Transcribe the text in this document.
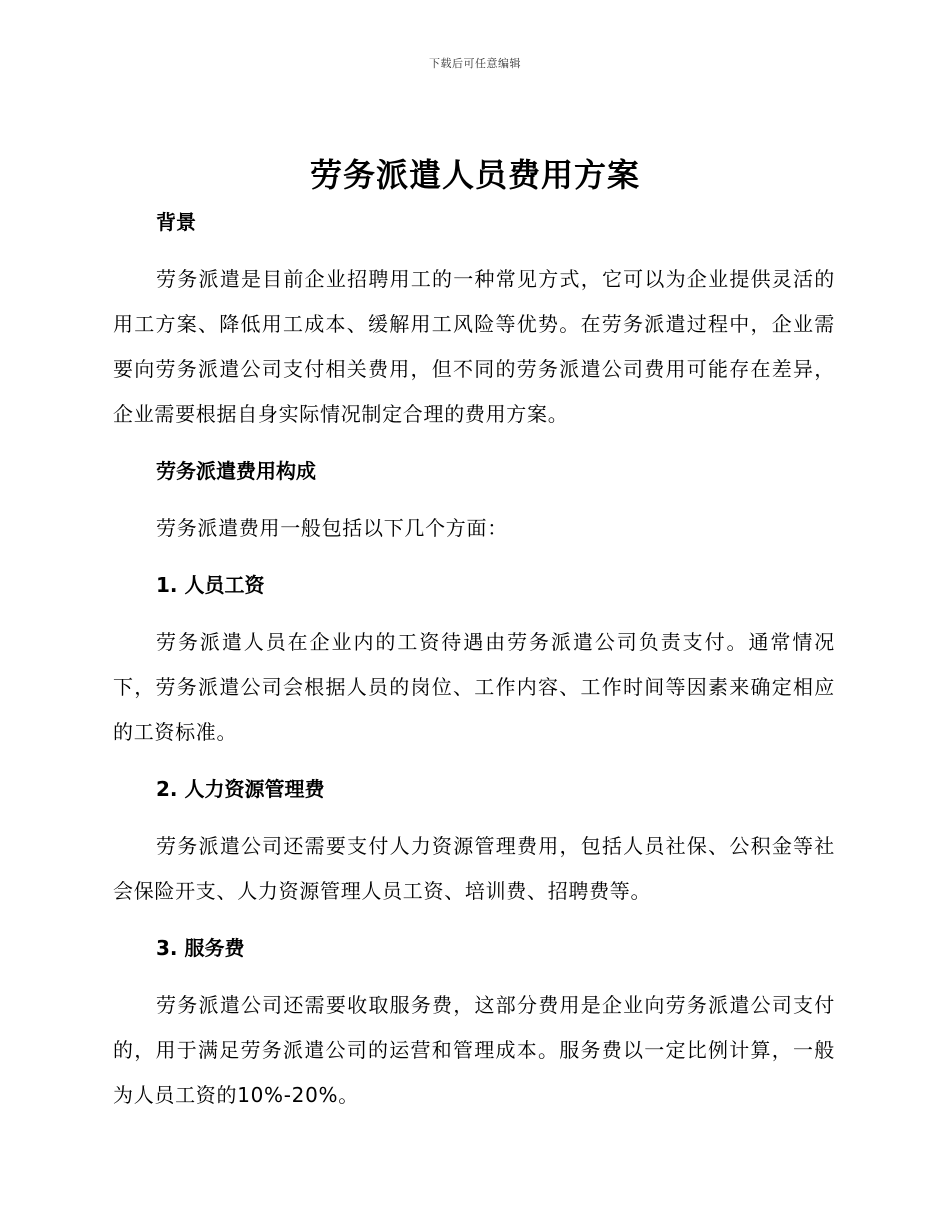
下载后可任意编辑
劳务派遣人员费用方案

背景

劳务派遣是目前企业招聘用工的一种常见方式，它可以为企业提供灵活的用工方案、降低用工成本、缓解用工风险等优势。在劳务派遣过程中，企业需要向劳务派遣公司支付相关费用，但不同的劳务派遣公司费用可能存在差异，企业需要根据自身实际情况制定合理的费用方案。

劳务派遣费用构成

劳务派遣费用一般包括以下几个方面：

1. 人员工资

劳务派遣人员在企业内的工资待遇由劳务派遣公司负责支付。通常情况下，劳务派遣公司会根据人员的岗位、工作内容、工作时间等因素来确定相应的工资标准。

2. 人力资源管理费

劳务派遣公司还需要支付人力资源管理费用，包括人员社保、公积金等社会保险开支、人力资源管理人员工资、培训费、招聘费等。

3. 服务费

劳务派遣公司还需要收取服务费，这部分费用是企业向劳务派遣公司支付的，用于满足劳务派遣公司的运营和管理成本。服务费以一定比例计算，一般为人员工资的10%-20%。
